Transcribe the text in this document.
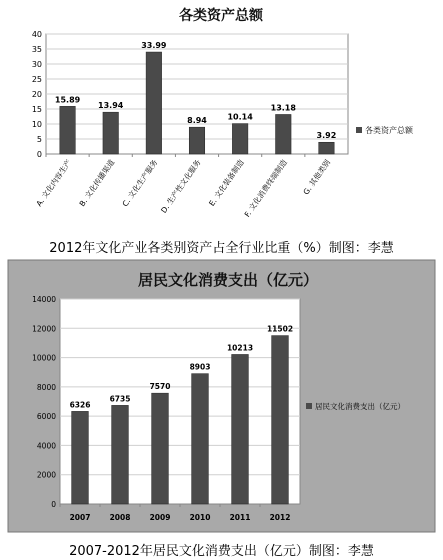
各类资产总额
0
5
10
15
20
25
30
35
40
15.89
A. 文化内容生产
13.94
B. 文化传播渠道
33.99
C. 文化生产服务
8.94
D. 生产性文化服务
10.14
E. 文化装备制造
13.18
F. 文化消费终端制造
3.92
G. 其他类别
各类资产总额
2012年文化产业各类别资产占全行业比重（%）制图：李慧
居民文化消费支出（亿元）
0
2000
4000
6000
8000
10000
12000
14000
6326
2007
6735
2008
7570
2009
8903
2010
10213
2011
11502
2012
居民文化消费支出（亿元）
2007-2012年居民文化消费支出（亿元）制图：李慧
